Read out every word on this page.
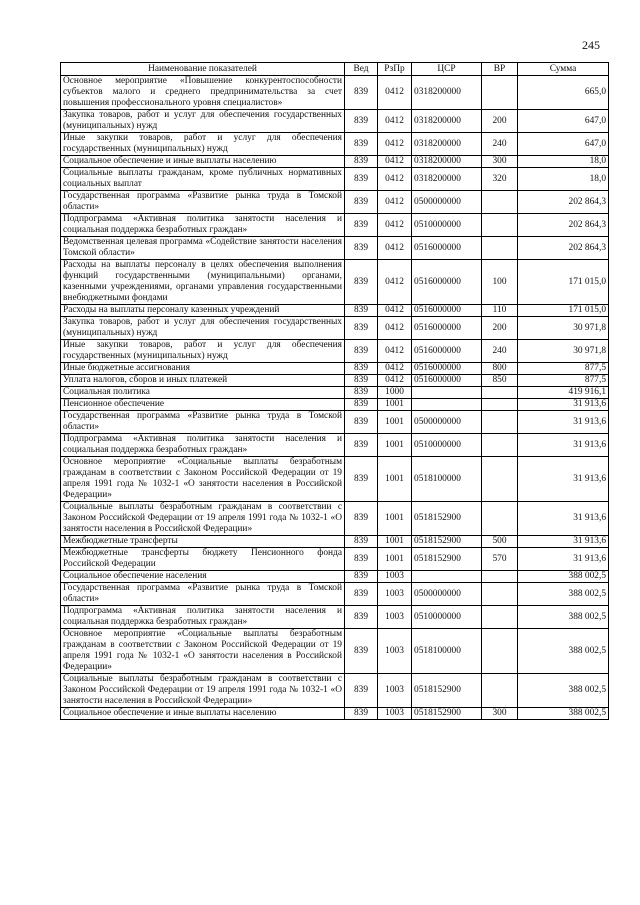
245
Наименование показателей	Вед	РзПр	ЦСР	ВР	Сумма
Основное мероприятие «Повышение конкурентоспособности субъектов малого и среднего предпринимательства за счет повышения профессионального уровня специалистов»	839	0412	0318200000		665,0
Закупка товаров, работ и услуг для обеспечения государственных (муниципальных) нужд	839	0412	0318200000	200	647,0
Иные закупки товаров, работ и услуг для обеспечения государственных (муниципальных) нужд	839	0412	0318200000	240	647,0
Социальное обеспечение и иные выплаты населению	839	0412	0318200000	300	18,0
Социальные выплаты гражданам, кроме публичных нормативных социальных выплат	839	0412	0318200000	320	18,0
Государственная программа «Развитие рынка труда в Томской области»	839	0412	0500000000		202 864,3
Подпрограмма «Активная политика занятости населения и социальная поддержка безработных граждан»	839	0412	0510000000		202 864,3
Ведомственная целевая программа «Содействие занятости населения Томской области»	839	0412	0516000000		202 864,3
Расходы на выплаты персоналу в целях обеспечения выполнения функций государственными (муниципальными) органами, казенными учреждениями, органами управления государственными внебюджетными фондами	839	0412	0516000000	100	171 015,0
Расходы на выплаты персоналу казенных учреждений	839	0412	0516000000	110	171 015,0
Закупка товаров, работ и услуг для обеспечения государственных (муниципальных) нужд	839	0412	0516000000	200	30 971,8
Иные закупки товаров, работ и услуг для обеспечения государственных (муниципальных) нужд	839	0412	0516000000	240	30 971,8
Иные бюджетные ассигнования	839	0412	0516000000	800	877,5
Уплата налогов, сборов и иных платежей	839	0412	0516000000	850	877,5
Социальная политика	839	1000			419 916,1
Пенсионное обеспечение	839	1001			31 913,6
Государственная программа «Развитие рынка труда в Томской области»	839	1001	0500000000		31 913,6
Подпрограмма «Активная политика занятости населения и социальная поддержка безработных граждан»	839	1001	0510000000		31 913,6
Основное мероприятие «Социальные выплаты безработным гражданам в соответствии с Законом Российской Федерации от 19 апреля 1991 года № 1032-1 «О занятости населения в Российской Федерации»	839	1001	0518100000		31 913,6
Социальные выплаты безработным гражданам в соответствии с Законом Российской Федерации от 19 апреля 1991 года № 1032-1 «О занятости населения в Российской Федерации»	839	1001	0518152900		31 913,6
Межбюджетные трансферты	839	1001	0518152900	500	31 913,6
Межбюджетные трансферты бюджету Пенсионного фонда Российской Федерации	839	1001	0518152900	570	31 913,6
Социальное обеспечение населения	839	1003			388 002,5
Государственная программа «Развитие рынка труда в Томской области»	839	1003	0500000000		388 002,5
Подпрограмма «Активная политика занятости населения и социальная поддержка безработных граждан»	839	1003	0510000000		388 002,5
Основное мероприятие «Социальные выплаты безработным гражданам в соответствии с Законом Российской Федерации от 19 апреля 1991 года № 1032-1 «О занятости населения в Российской Федерации»	839	1003	0518100000		388 002,5
Социальные выплаты безработным гражданам в соответствии с Законом Российской Федерации от 19 апреля 1991 года № 1032-1 «О занятости населения в Российской Федерации»	839	1003	0518152900		388 002,5
Социальное обеспечение и иные выплаты населению	839	1003	0518152900	300	388 002,5
